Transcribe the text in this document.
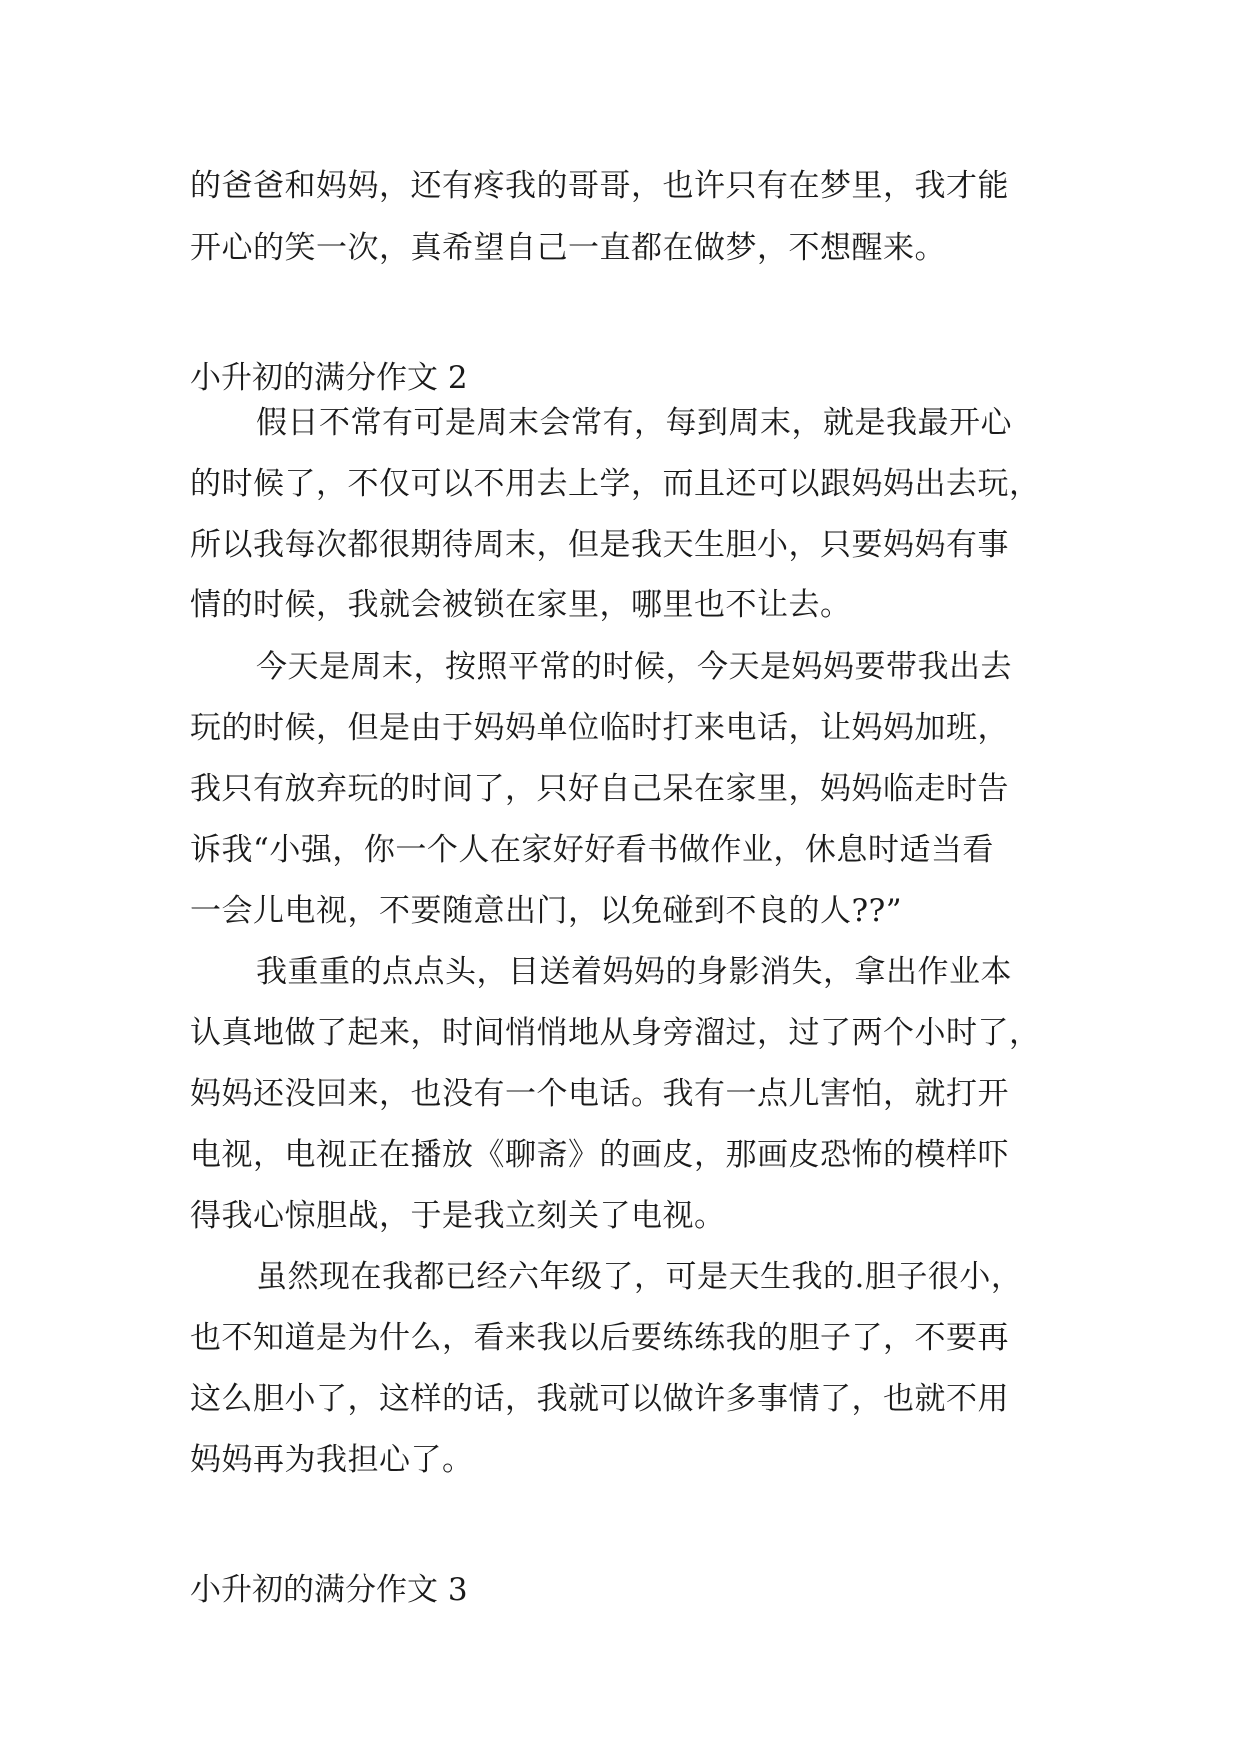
的爸爸和妈妈，还有疼我的哥哥，也许只有在梦里，我才能
开心的笑一次，真希望自己一直都在做梦，不想醒来。
小升初的满分作文 2
假日不常有可是周末会常有，每到周末，就是我最开心
的时候了，不仅可以不用去上学，而且还可以跟妈妈出去玩，
所以我每次都很期待周末，但是我天生胆小，只要妈妈有事
情的时候，我就会被锁在家里，哪里也不让去。
今天是周末，按照平常的时候，今天是妈妈要带我出去
玩的时候，但是由于妈妈单位临时打来电话，让妈妈加班，
我只有放弃玩的时间了，只好自己呆在家里，妈妈临走时告
诉我“小强，你一个人在家好好看书做作业，休息时适当看
一会儿电视，不要随意出门，以免碰到不良的人??”
我重重的点点头，目送着妈妈的身影消失，拿出作业本
认真地做了起来，时间悄悄地从身旁溜过，过了两个小时了，
妈妈还没回来，也没有一个电话。我有一点儿害怕，就打开
电视，电视正在播放《聊斋》的画皮，那画皮恐怖的模样吓
得我心惊胆战，于是我立刻关了电视。
虽然现在我都已经六年级了，可是天生我的.胆子很小，
也不知道是为什么，看来我以后要练练我的胆子了，不要再
这么胆小了，这样的话，我就可以做许多事情了，也就不用
妈妈再为我担心了。
小升初的满分作文 3
